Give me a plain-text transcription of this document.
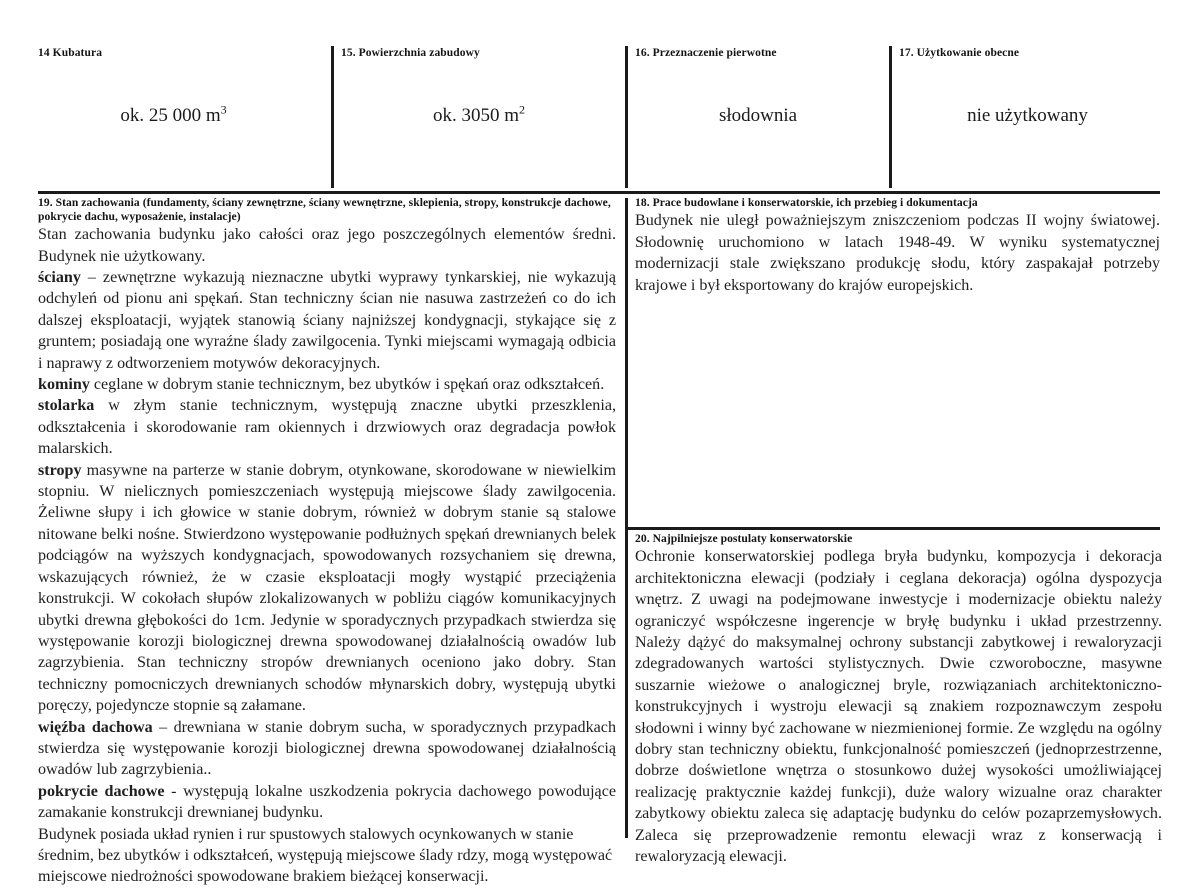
14 Kubatura
ok. 25 000 $m^3$
15. Powierzchnia zabudowy
ok. 3050 $m^2$
16. Przeznaczenie pierwotne
słodownia
17. Użytkowanie obecne
nie użytkowany
19. Stan zachowania (fundamenty, ściany zewnętrzne, ściany wewnętrzne, sklepienia, stropy, konstrukcje dachowe, pokrycie dachu, wyposażenie, instalacje)

Stan zachowania budynku jako całości oraz jego poszczególnych elementów średni. Budynek nie użytkowany.

ściany – zewnętrzne wykazują nieznaczne ubytki wyprawy tynkarskiej, nie wykazują odchyleń od pionu ani spękań. Stan techniczny ścian nie nasuwa zastrzeżeń co do ich dalszej eksploatacji, wyjątek stanowią ściany najniższej kondygnacji, stykające się z gruntem; posiadają one wyraźne ślady zawilgocenia. Tynki miejscami wymagają odbicia i naprawy z odtworzeniem motywów dekoracyjnych.

kominy ceglane w dobrym stanie technicznym, bez ubytków i spękań oraz odkształceń.

stolarka w złym stanie technicznym, występują znaczne ubytki przeszklenia, odkształcenia i skorodowanie ram okiennych i drzwiowych oraz degradacja powłok malarskich.

stropy masywne na parterze w stanie dobrym, otynkowane, skorodowane w niewielkim stopniu. W nielicznych pomieszczeniach występują miejscowe ślady zawilgocenia. Żeliwne słupy i ich głowice w stanie dobrym, również w dobrym stanie są stalowe nitowane belki nośne. Stwierdzono występowanie podłużnych spękań drewnianych belek podciągów na wyższych kondygnacjach, spowodowanych rozsychaniem się drewna, wskazujących również, że w czasie eksploatacji mogły wystąpić przeciążenia konstrukcji. W cokołach słupów zlokalizowanych w pobliżu ciągów komunikacyjnych ubytki drewna głębokości do 1cm. Jedynie w sporadycznych przypadkach stwierdza się występowanie korozji biologicznej drewna spowodowanej działalnością owadów lub zagrzybienia. Stan techniczny stropów drewnianych oceniono jako dobry. Stan techniczny pomocniczych drewnianych schodów młynarskich dobry, występują ubytki poręczy, pojedyncze stopnie są załamane.

więźba dachowa – drewniana w stanie dobrym sucha, w sporadycznych przypadkach stwierdza się występowanie korozji biologicznej drewna spowodowanej działalnością owadów lub zagrzybienia..

pokrycie dachowe - występują lokalne uszkodzenia pokrycia dachowego powodujące zamakanie konstrukcji drewnianej budynku.

Budynek posiada układ rynien i rur spustowych stalowych ocynkowanych w stanie średnim, bez ubytków i odkształceń, występują miejscowe ślady rdzy, mogą występować miejscowe niedrożności spowodowane brakiem bieżącej konserwacji.

18. Prace budowlane i konserwatorskie, ich przebieg i dokumentacja

Budynek nie uległ poważniejszym zniszczeniom podczas II wojny światowej. Słodownię uruchomiono w latach 1948-49. W wyniku systematycznej modernizacji stale zwiększano produkcję słodu, który zaspakajał potrzeby krajowe i był eksportowany do krajów europejskich.

20. Najpilniejsze postulaty konserwatorskie

Ochronie konserwatorskiej podlega bryła budynku, kompozycja i dekoracja architektoniczna elewacji (podziały i ceglana dekoracja) ogólna dyspozycja wnętrz. Z uwagi na podejmowane inwestycje i modernizacje obiektu należy ograniczyć współczesne ingerencje w bryłę budynku i układ przestrzenny. Należy dążyć do maksymalnej ochrony substancji zabytkowej i rewaloryzacji zdegradowanych wartości stylistycznych. Dwie czworoboczne, masywne suszarnie wieżowe o analogicznej bryle, rozwiązaniach architektoniczno-konstrukcyjnych i wystroju elewacji są znakiem rozpoznawczym zespołu słodowni i winny być zachowane w niezmienionej formie. Ze względu na ogólny dobry stan techniczny obiektu, funkcjonalność pomieszczeń (jednoprzestrzenne, dobrze doświetlone wnętrza o stosunkowo dużej wysokości umożliwiającej realizację praktycznie każdej funkcji), duże walory wizualne oraz charakter zabytkowy obiektu zaleca się adaptację budynku do celów pozaprzemysłowych. Zaleca się przeprowadzenie remontu elewacji wraz z konserwacją i rewaloryzacją elewacji.
